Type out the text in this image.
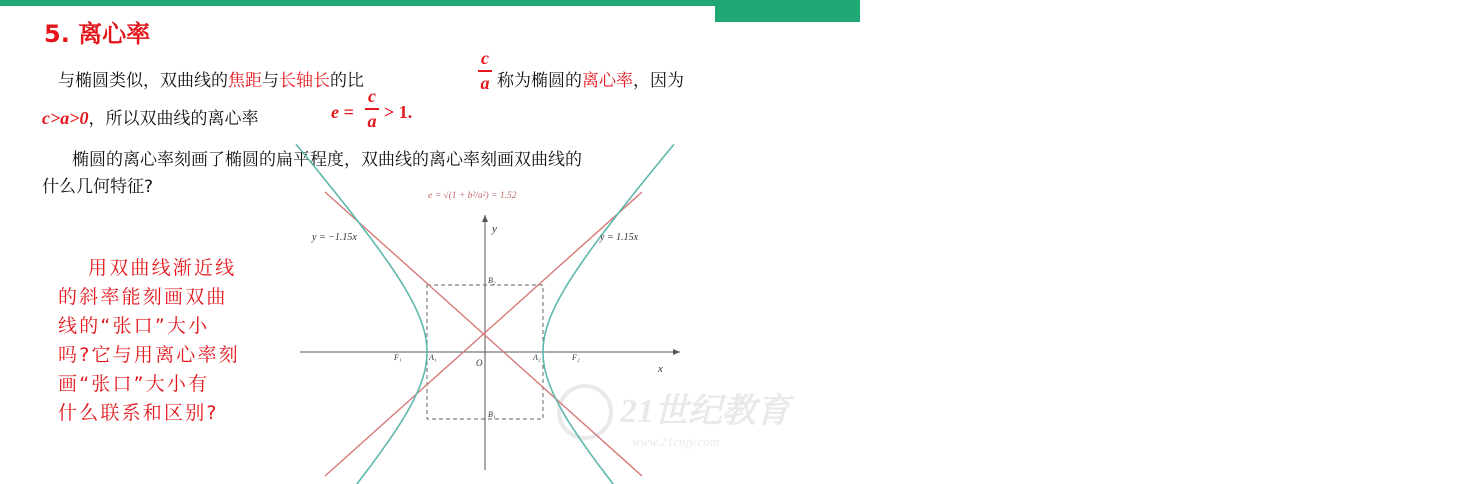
21世纪教育
5. 离心率
与椭圆类似，双曲线的焦距与长轴长的比
c
a 称为椭圆的离心率，因为
c>a>0，所以双曲线的离心率	e =
c
a > 1.
椭圆的离心率刻画了椭圆的扁平程度，双曲线的离心率刻画双曲线的
什么几何特征?
用双曲线渐近线
的斜率能刻画双曲
线的“张口”大小
吗?它与用离心率刻
画“张口”大小有
什么联系和区别?	21世纪教育
www.21cnjy.com
e = √(1 + b²/a²) = 1.52
y = −1.15x	y = 1.15x
x
y
O
F₁	A₁	A₂	F₂
B₂
B₁
